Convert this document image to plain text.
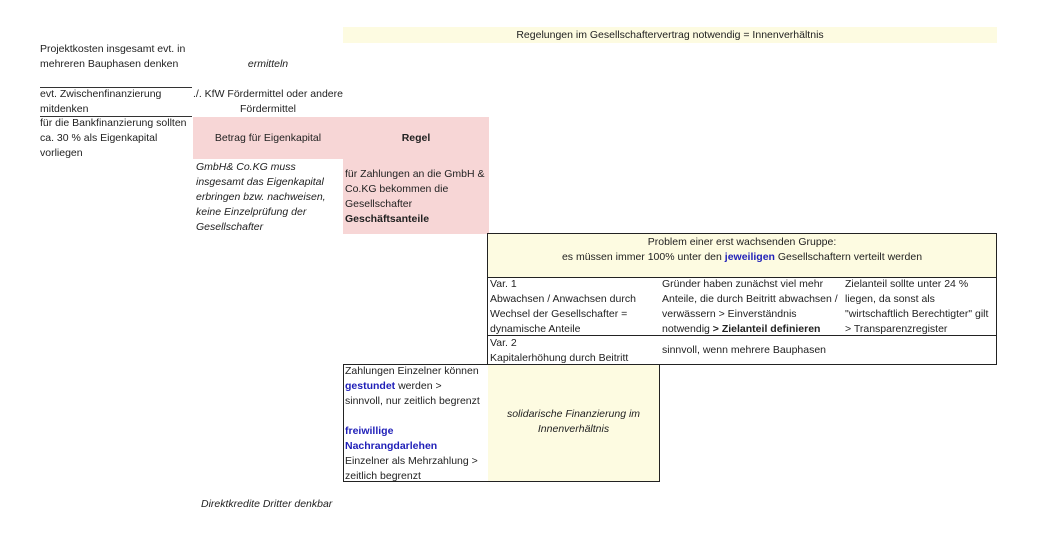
Regelungen im Gesellschaftervertrag notwendig = Innenverhältnis
Projektkosten insgesamt evt. in mehreren Bauphasen denken
evt. Zwischenfinanzierung mitdenken
für die Bankfinanzierung sollten ca. 30 % als Eigenkapital vorliegen
ermitteln
./. KfW Fördermittel oder andere Fördermittel
Betrag für Eigenkapital
GmbH& Co.KG muss insgesamt das Eigenkapital erbringen bzw. nachweisen, keine Einzelprüfung der Gesellschafter
Direktkredite Dritter denkbar
Regel
für Zahlungen an die GmbH & Co.KG bekommen die Gesellschafter
Geschäftsanteile
Problem einer erst wachsenden Gruppe:
es müssen immer 100% unter den jeweiligen Gesellschaftern verteilt werden
Var. 1
Abwachsen / Anwachsen durch Wechsel der Gesellschafter = dynamische Anteile
Gründer haben zunächst viel mehr Anteile, die durch Beitritt abwachsen / verwässern > Einverständnis notwendig > Zielanteil definieren
Zielanteil sollte unter 24 % liegen, da sonst als "wirtschaftlich Berechtigter" gilt > Transparenzregister
Var. 2
Kapitalerhöhung durch Beitritt
sinnvoll, wenn mehrere Bauphasen
Zahlungen Einzelner können
gestundet werden >
sinnvoll, nur zeitlich begrenzt
freiwillige Nachrangdarlehen
Einzelner als Mehrzahlung > zeitlich begrenzt
solidarische Finanzierung im Innenverhältnis
